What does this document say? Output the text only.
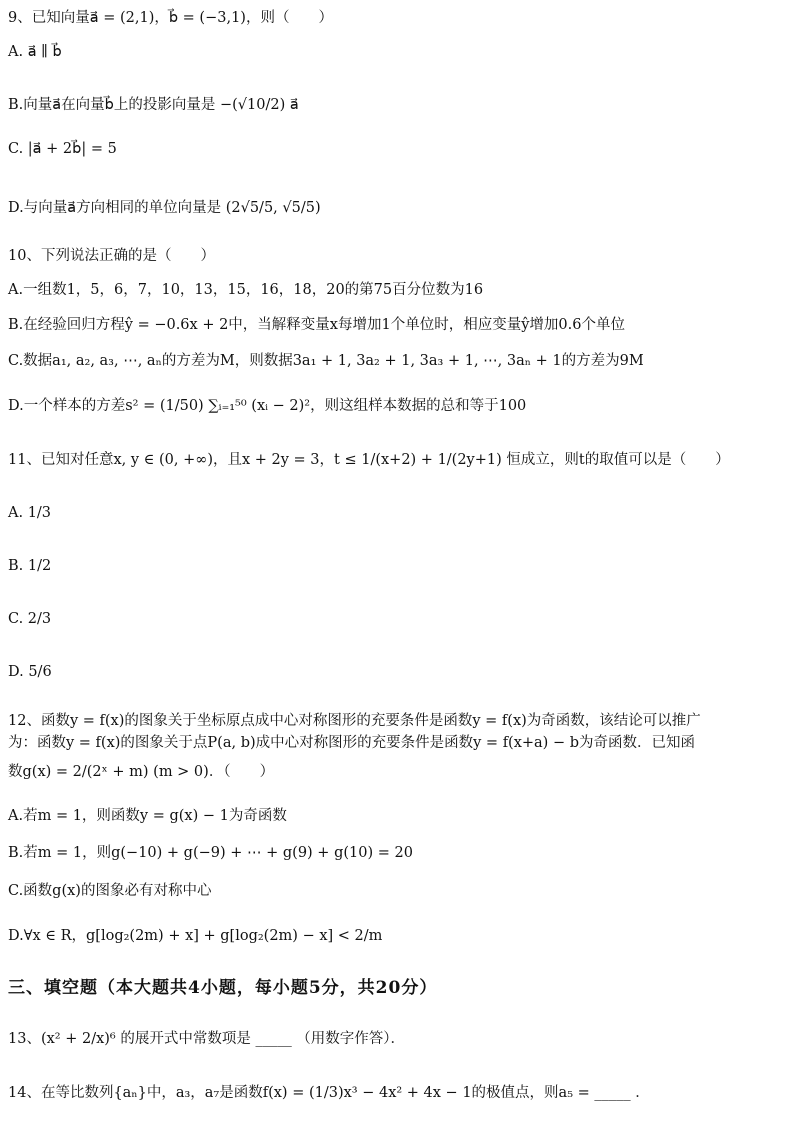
9、已知向量a⃗ = (2,1)，b⃗ = (−3,1)，则（　　）
A. a⃗ ∥ b⃗
B.向量a⃗在向量b⃗上的投影向量是 −(√10/2) a⃗
C. |a⃗ + 2b⃗| = 5
D.与向量a⃗方向相同的单位向量是 (2√5/5, √5/5)
10、下列说法正确的是（　　）
A.一组数1，5，6，7，10，13，15，16，18，20的第75百分位数为16
B.在经验回归方程ŷ = −0.6x + 2中，当解释变量x每增加1个单位时，相应变量ŷ增加0.6个单位
C.数据a₁, a₂, a₃, ⋯, aₙ的方差为M，则数据3a₁ + 1, 3a₂ + 1, 3a₃ + 1, ⋯, 3aₙ + 1的方差为9M
D.一个样本的方差s² = (1/50) ∑ᵢ₌₁⁵⁰ (xᵢ − 2)²，则这组样本数据的总和等于100
11、已知对任意x, y ∈ (0, +∞)，且x + 2y = 3，t ≤ 1/(x+2) + 1/(2y+1) 恒成立，则t的取值可以是（　　）
A. 1/3
B. 1/2
C. 2/3
D. 5/6
12、函数y = f(x)的图象关于坐标原点成中心对称图形的充要条件是函数y = f(x)为奇函数，该结论可以推广
为：函数y = f(x)的图象关于点P(a, b)成中心对称图形的充要条件是函数y = f(x+a) − b为奇函数．已知函
数g(x) = 2/(2ˣ + m) (m > 0)．（　　）
A.若m = 1，则函数y = g(x) − 1为奇函数
B.若m = 1，则g(−10) + g(−9) + ⋯ + g(9) + g(10) = 20
C.函数g(x)的图象必有对称中心
D.∀x ∈ R，g[log₂(2m) + x] + g[log₂(2m) − x] < 2/m
三、填空题（本大题共4小题，每小题5分，共20分）
13、(x² + 2/x)⁶ 的展开式中常数项是 _____ （用数字作答）．
14、在等比数列{aₙ}中，a₃，a₇是函数f(x) = (1/3)x³ − 4x² + 4x − 1的极值点，则a₅ = _____ ．
